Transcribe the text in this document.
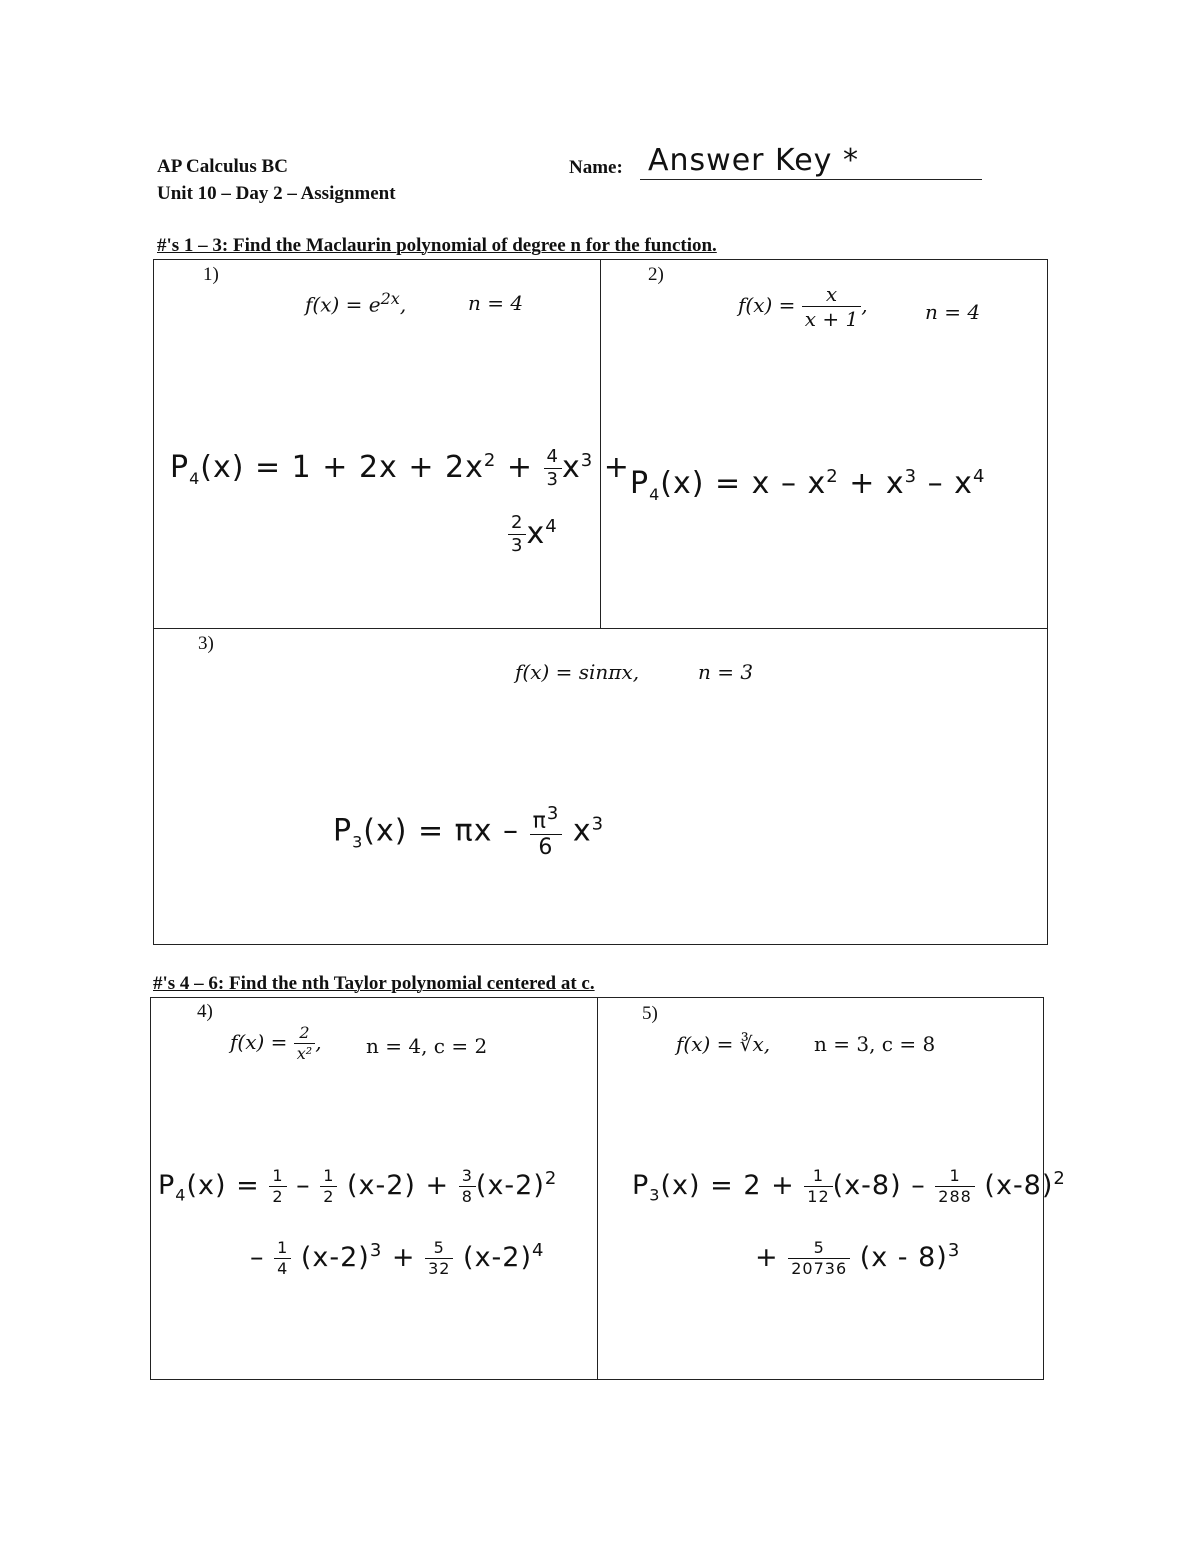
AP Calculus BC
Unit 10 – Day 2 – Assignment
Name: Answer Key *
#'s 1 – 3: Find the Maclaurin polynomial of degree n for the function.
1)
$f(x) = e^{2x}$,	n = 4
$P_4(x) = 1 + 2x + 2x^2 + \frac{4}{3} x^3$ +
$\frac{2}{3} x^4$
2)
$f(x) = \frac{x}{x + 1}$ ,	n = 4
$P_4(x) = x - x^2 + x^3 - x^4$
3)
f(x) = sinπx,	n = 3
$P_3(x) = \pi x - \frac{\pi^3}{6} x^3$
#'s 4 – 6: Find the nth Taylor polynomial centered at c.
4)
$f(x) = \frac{2}{\text{x²}}$ , n = 4, c = 2
$P_4(x) = \frac{1}{2} - \frac{1}{2} (x-2) + \frac{3}{8} (x-2)^2$
– $\frac{1}{4} (x-2)^3 + \frac{5}{32} (x-2)^4$
5)
f(x) = ∛x, n = 3, c = 8
$P_3(x) = 2 + \frac{1}{12} (x-8) - \frac{1}{288} (x-8)^2$
+ $\frac{5}{20736} (x - 8)^3$
